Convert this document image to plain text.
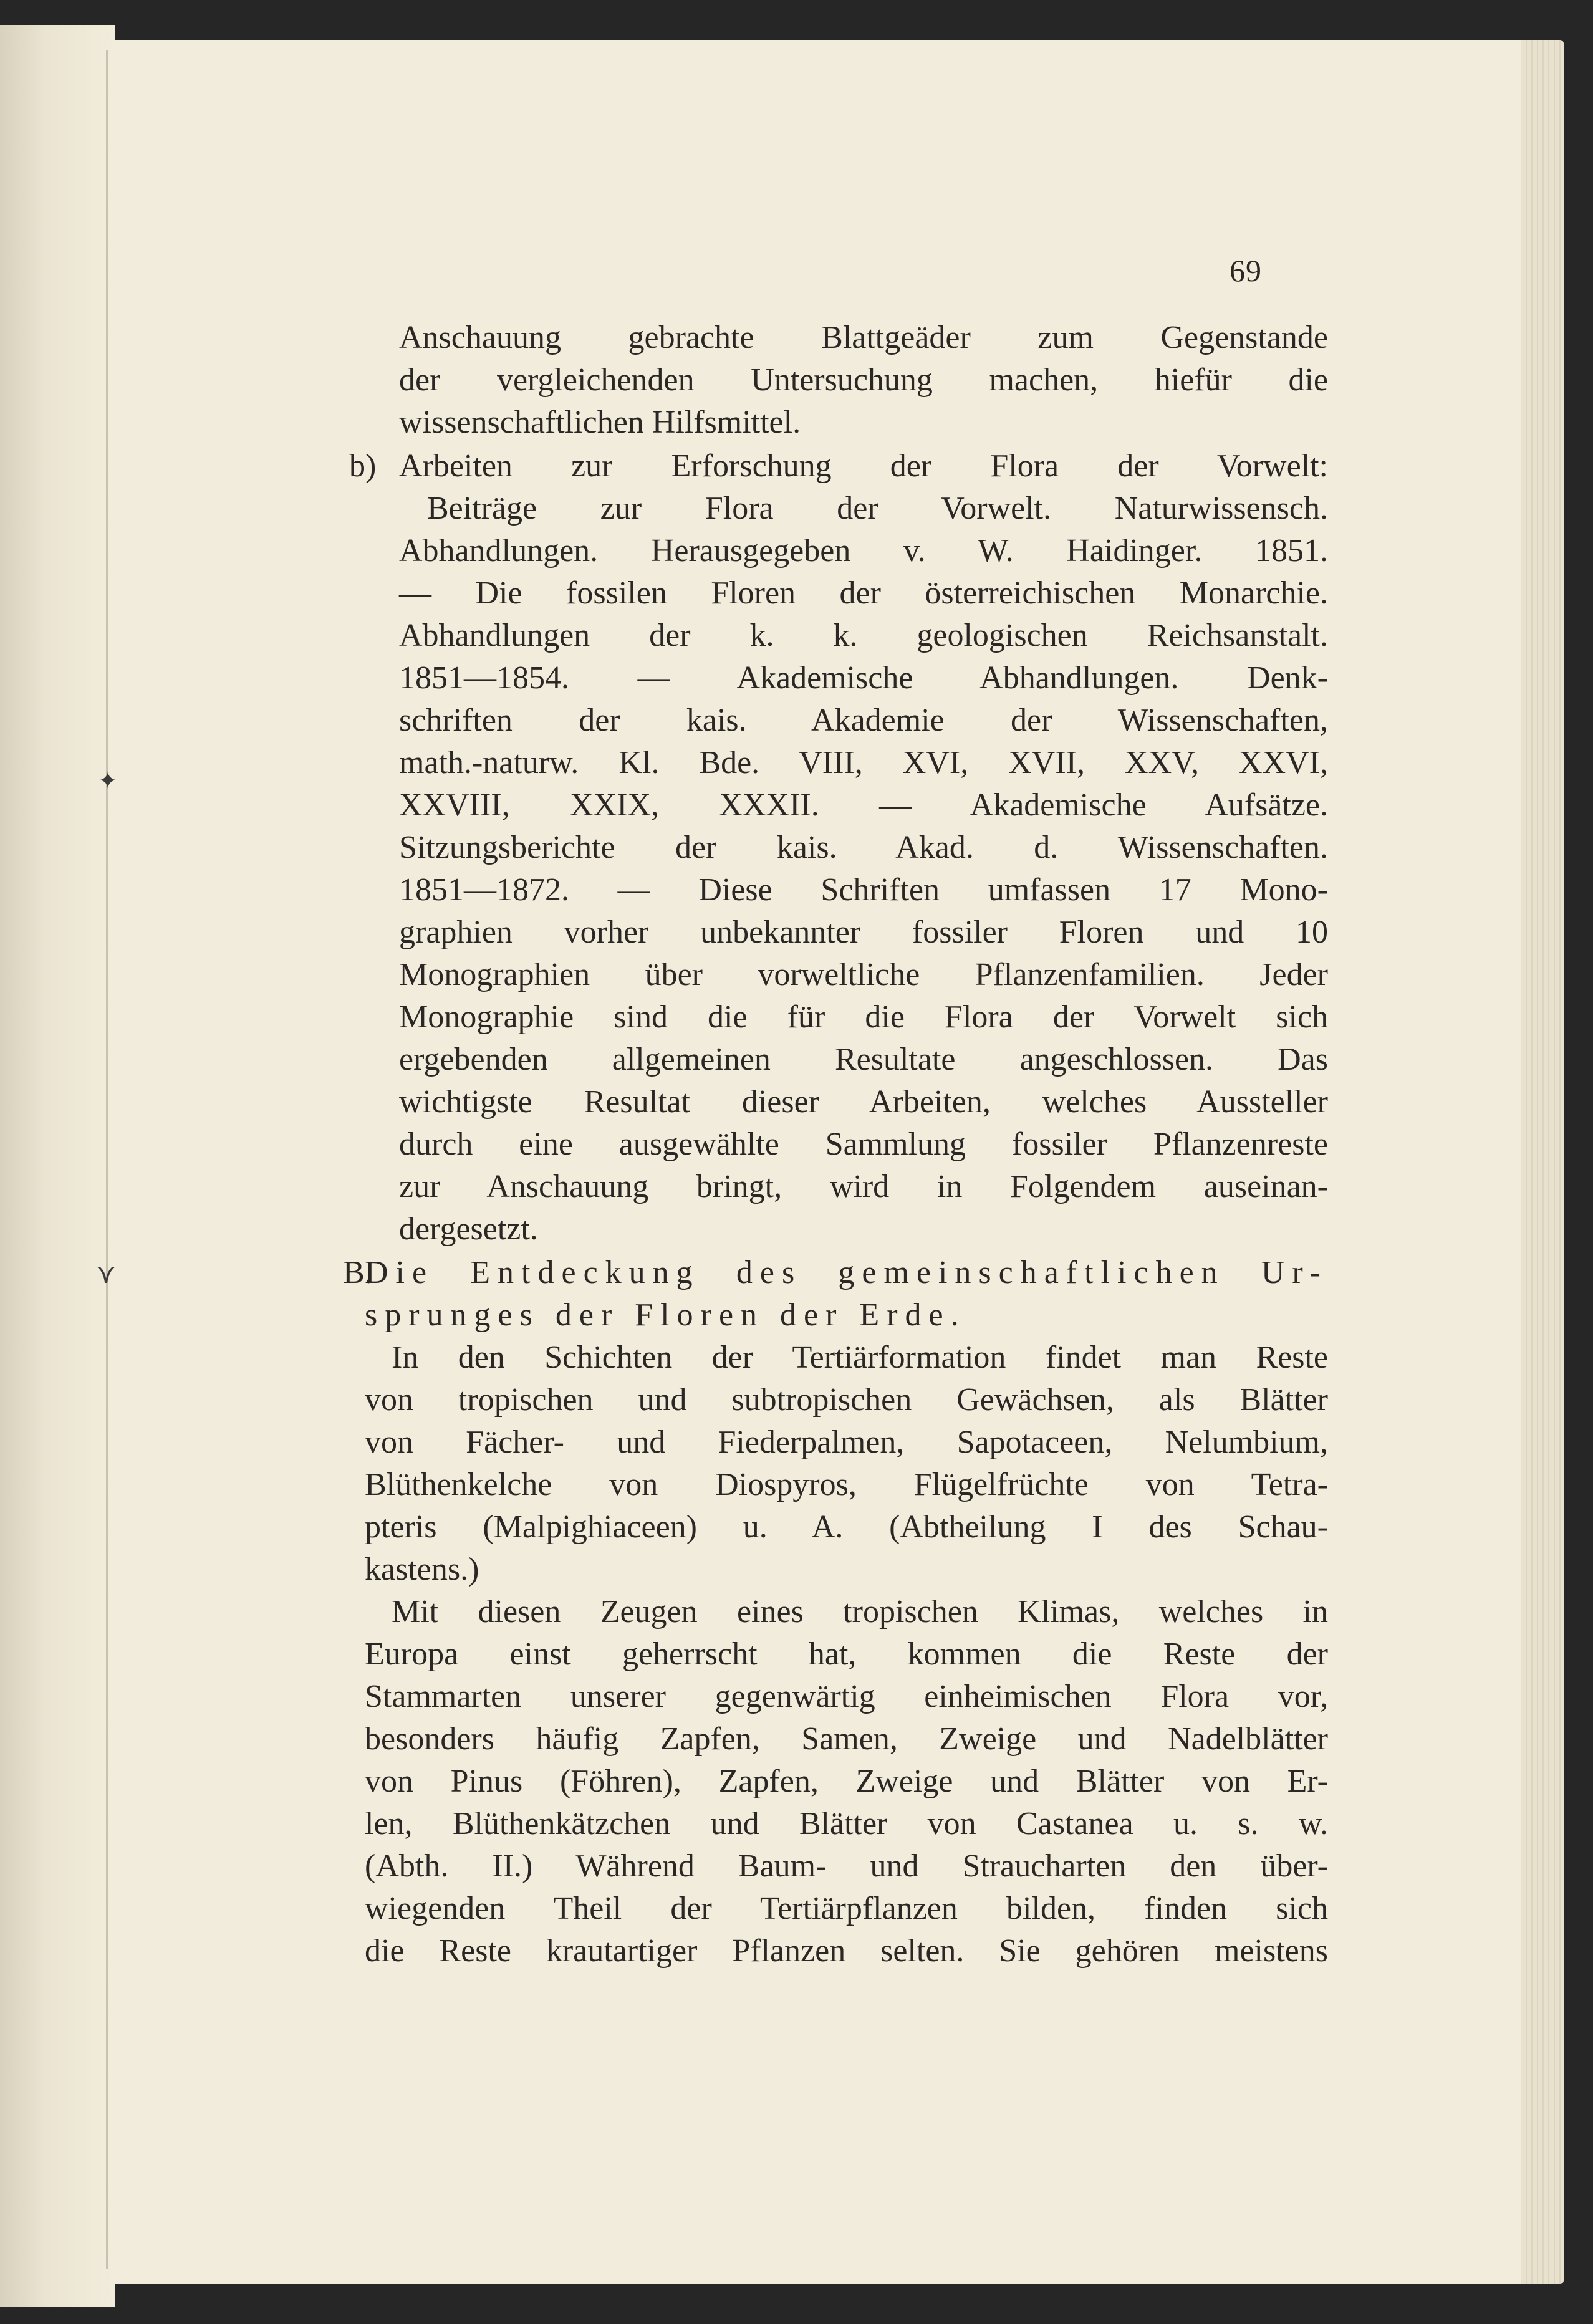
✦
⋎
69
Anschauung gebrachte Blattgeäder zum Gegenstande
der vergleichenden Untersuchung machen, hiefür die
wissenschaftlichen Hilfsmittel.
b) Arbeiten zur Erforschung der Flora der Vorwelt:
Beiträge zur Flora der Vorwelt. Naturwissensch.
Abhandlungen. Herausgegeben v. W. Haidinger. 1851.
— Die fossilen Floren der österreichischen Monarchie.
Abhandlungen der k. k. geologischen Reichsanstalt.
1851—1854. — Akademische Abhandlungen. Denk-
schriften der kais. Akademie der Wissenschaften,
math.-naturw. Kl. Bde. VIII, XVI, XVII, XXV, XXVI,
XXVIII, XXIX, XXXII. — Akademische Aufsätze.
Sitzungsberichte der kais. Akad. d. Wissenschaften.
1851—1872. — Diese Schriften umfassen 17 Mono-
graphien vorher unbekannter fossiler Floren und 10
Monographien über vorweltliche Pflanzenfamilien. Jeder
Monographie sind die für die Flora der Vorwelt sich
ergebenden allgemeinen Resultate angeschlossen. Das
wichtigste Resultat dieser Arbeiten, welches Aussteller
durch eine ausgewählte Sammlung fossiler Pflanzenreste
zur Anschauung bringt, wird in Folgendem auseinan-
dergesetzt.
B.
Die Entdeckung des gemeinschaftlichen Ur-
sprunges der Floren der Erde.
In den Schichten der Tertiärformation findet man Reste
von tropischen und subtropischen Gewächsen, als Blätter
von Fächer- und Fiederpalmen, Sapotaceen, Nelumbium,
Blüthenkelche von Diospyros, Flügelfrüchte von Tetra-
pteris (Malpighiaceen) u. A. (Abtheilung I des Schau-
kastens.)
Mit diesen Zeugen eines tropischen Klimas, welches in
Europa einst geherrscht hat, kommen die Reste der
Stammarten unserer gegenwärtig einheimischen Flora vor,
besonders häufig Zapfen, Samen, Zweige und Nadelblätter
von Pinus (Föhren), Zapfen, Zweige und Blätter von Er-
len, Blüthenkätzchen und Blätter von Castanea u. s. w.
(Abth. II.) Während Baum- und Straucharten den über-
wiegenden Theil der Tertiärpflanzen bilden, finden sich
die Reste krautartiger Pflanzen selten. Sie gehören meistens
